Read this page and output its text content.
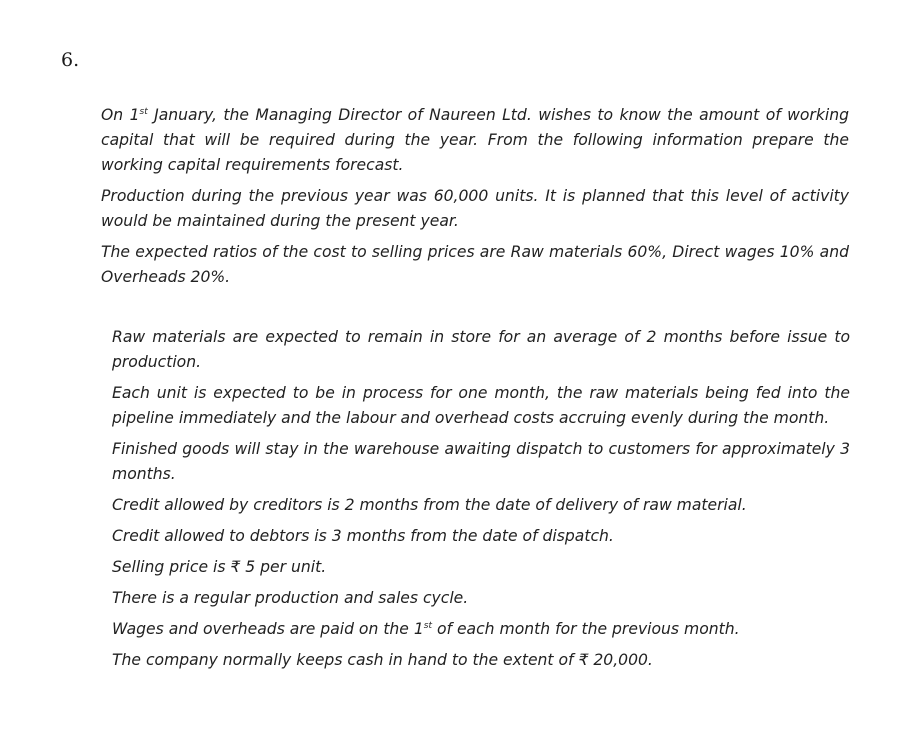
6.

On 1st January, the Managing Director of Naureen Ltd. wishes to know the amount of working capital that will be required during the year. From the following information prepare the working capital requirements forecast.

Production during the previous year was 60,000 units. It is planned that this level of activity would be maintained during the present year.

The expected ratios of the cost to selling prices are Raw materials 60%, Direct wages 10% and Overheads 20%.

Raw materials are expected to remain in store for an average of 2 months before issue to production.

Each unit is expected to be in process for one month, the raw materials being fed into the pipeline immediately and the labour and overhead costs accruing evenly during the month.

Finished goods will stay in the warehouse awaiting dispatch to customers for approximately 3 months.

Credit allowed by creditors is 2 months from the date of delivery of raw material.

Credit allowed to debtors is 3 months from the date of dispatch.

Selling price is ₹ 5 per unit.

There is a regular production and sales cycle.

Wages and overheads are paid on the 1st of each month for the previous month.

The company normally keeps cash in hand to the extent of ₹ 20,000.
